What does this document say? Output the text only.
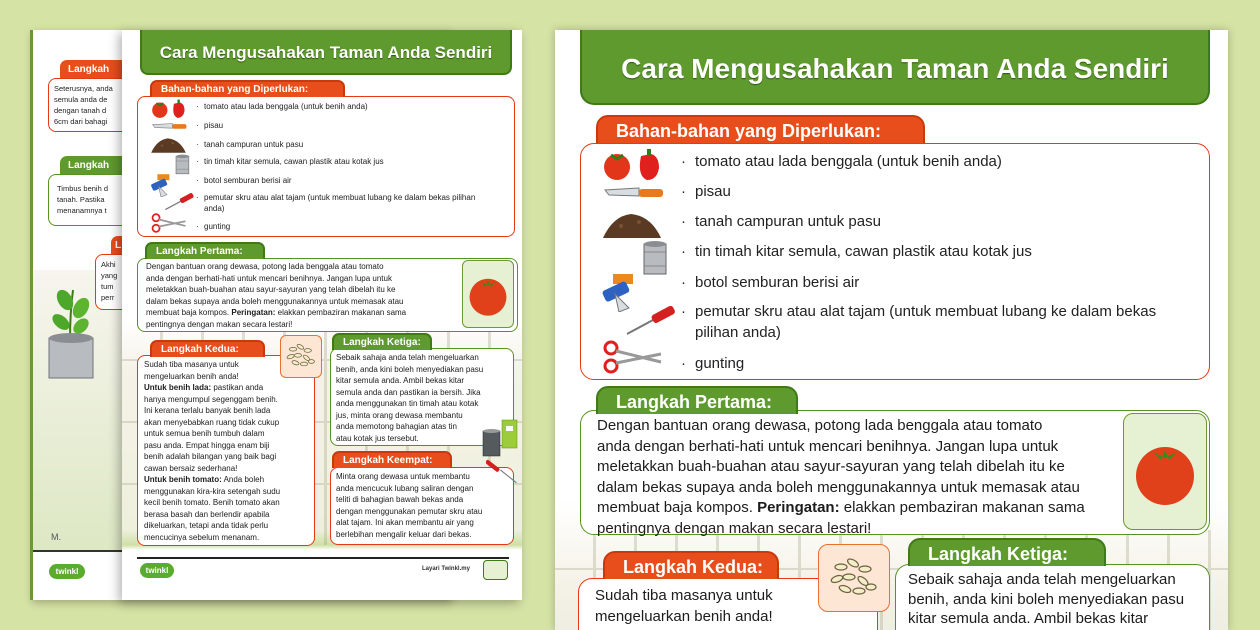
Langkah
Seterusnya, anda
semula anda de
dengan tanah d
6cm dari bahagi
Langkah
Timbus benih d
tanah. Pastika
menanamnya t
L
Akhi
yang
tum
perr
M.
twinkl
Cara Mengusahakan Taman Anda Sendiri
Bahan-bahan yang Diperlukan:
· tomato atau lada benggala (untuk benih anda)
· pisau
· tanah campuran untuk pasu
· tin timah kitar semula, cawan plastik atau kotak jus
· botol semburan berisi air
· pemutar skru atau alat tajam (untuk membuat lubang ke dalam bekas pilihan anda)
· gunting
Langkah Pertama:
Dengan bantuan orang dewasa, potong lada benggala atau tomato
anda dengan berhati-hati untuk mencari benihnya. Jangan lupa untuk
meletakkan buah-buahan atau sayur-sayuran yang telah dibelah itu ke
dalam bekas supaya anda boleh menggunakannya untuk memasak atau
membuat baja kompos. Peringatan: elakkan pembaziran makanan sama
pentingnya dengan makan secara lestari!
Langkah Kedua:
Sudah tiba masanya untuk
mengeluarkan benih anda!
Untuk benih lada: pastikan anda
hanya mengumpul segenggam benih.
Ini kerana terlalu banyak benih lada
akan menyebabkan ruang tidak cukup
untuk semua benih tumbuh dalam
pasu anda. Empat hingga enam biji
benih adalah bilangan yang baik bagi
cawan bersaiz sederhana!
Untuk benih tomato: Anda boleh
menggunakan kira-kira setengah sudu
kecil benih tomato. Benih tomato akan
berasa basah dan berlendir apabila
dikeluarkan, tetapi anda tidak perlu
mencucinya sebelum menanam.
Langkah Ketiga:
Sebaik sahaja anda telah mengeluarkan
benih, anda kini boleh menyediakan pasu
kitar semula anda. Ambil bekas kitar
semula anda dan pastikan ia bersih. Jika
anda menggunakan tin timah atau kotak
jus, minta orang dewasa membantu
anda memotong bahagian atas tin
atau kotak jus tersebut.
Langkah Keempat:
Minta orang dewasa untuk membantu
anda mencucuk lubang saliran dengan
teliti di bahagian bawah bekas anda
dengan menggunakan pemutar skru atau
alat tajam. Ini akan membantu air yang
berlebihan mengalir keluar dari bekas.
twinkl	Layari Twinkl.my
Cara Mengusahakan Taman Anda Sendiri
Bahan-bahan yang Diperlukan:
· tomato atau lada benggala (untuk benih anda)
· pisau
· tanah campuran untuk pasu
· tin timah kitar semula, cawan plastik atau kotak jus
· botol semburan berisi air
· pemutar skru atau alat tajam (untuk membuat lubang ke dalam bekas pilihan anda)
· gunting
Langkah Pertama:
Dengan bantuan orang dewasa, potong lada benggala atau tomato
anda dengan berhati-hati untuk mencari benihnya. Jangan lupa untuk
meletakkan buah-buahan atau sayur-sayuran yang telah dibelah itu ke
dalam bekas supaya anda boleh menggunakannya untuk memasak atau
membuat baja kompos. Peringatan: elakkan pembaziran makanan sama
pentingnya dengan makan secara lestari!
Langkah Kedua:
Sudah tiba masanya untuk
mengeluarkan benih anda!
Langkah Ketiga:
Sebaik sahaja anda telah mengeluarkan
benih, anda kini boleh menyediakan pasu
kitar semula anda. Ambil bekas kitar
